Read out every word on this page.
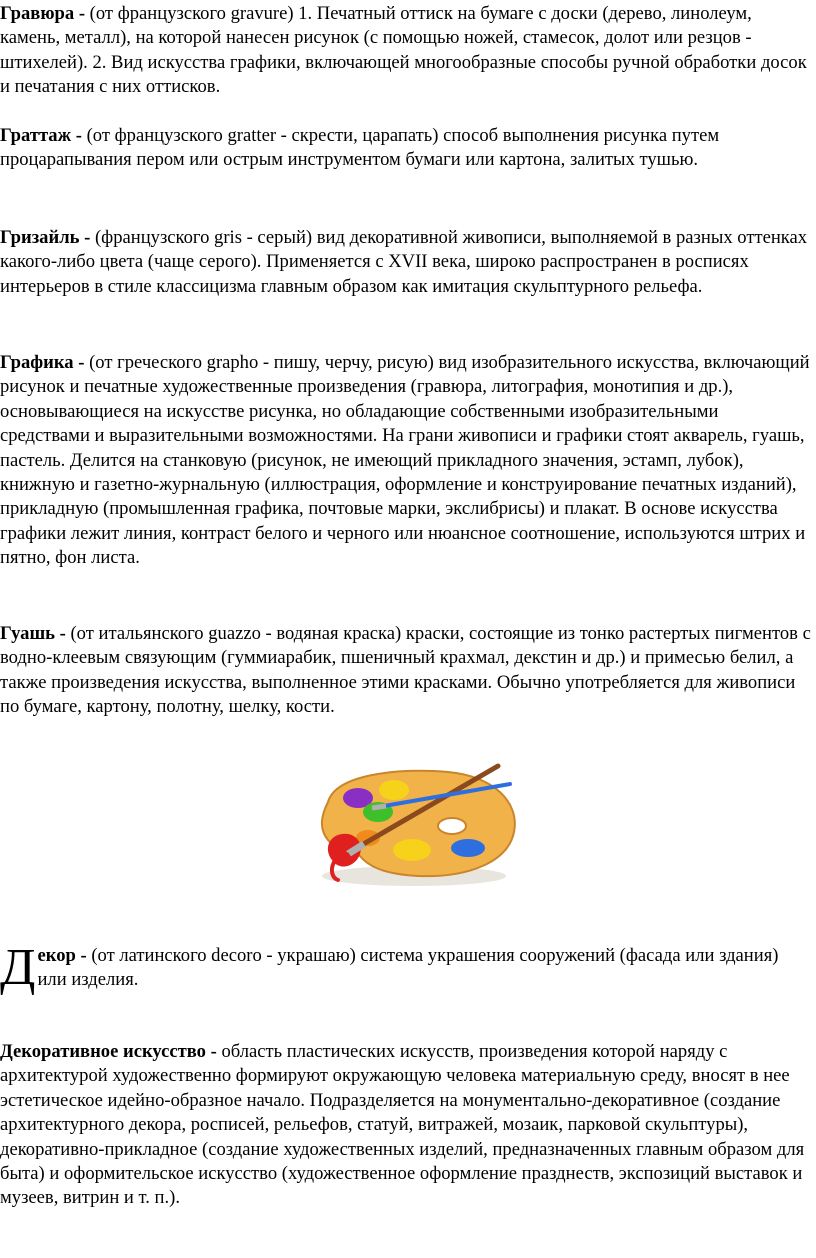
Гравюра - (от французского gravure) 1. Печатный оттиск на бумаге с доски (дерево, линолеум, камень, металл), на которой нанесен рисунок (с помощью ножей, стамесок, долот или резцов - штихелей). 2. Вид искусства графики, включающей многообразные способы ручной обработки досок и печатания с них оттисков.

Граттаж - (от французского gratter - скрести, царапать) способ выполнения рисунка путем процарапывания пером или острым инструментом бумаги или картона, залитых тушью.

Гризайль - (французского gris - серый) вид декоративной живописи, выполняемой в разных оттенках какого-либо цвета (чаще серого). Применяется с XVII века, широко распространен в росписях интерьеров в стиле классицизма главным образом как имитация скульптурного рельефа.

Графика - (от греческого grapho - пишу, черчу, рисую) вид изобразительного искусства, включающий рисунок и печатные художественные произведения (гравюра, литография, монотипия и др.), основывающиеся на искусстве рисунка, но обладающие собственными изобразительными средствами и выразительными возможностями. На грани живописи и графики стоят акварель, гуашь, пастель. Делится на станковую (рисунок, не имеющий прикладного значения, эстамп, лубок), книжную и газетно-журнальную (иллюстрация, оформление и конструирование печатных изданий), прикладную (промышленная графика, почтовые марки, экслибрисы) и плакат. В основе искусства графики лежит линия, контраст белого и черного или нюансное соотношение, используются штрих и пятно, фон листа.

Гуашь - (от итальянского guazzo - водяная краска) краски, состоящие из тонко растертых пигментов с водно-клеевым связующим (гуммиарабик, пшеничный крахмал, декстин и др.) и примесью белил, а также произведения искусства, выполненное этими красками. Обычно употребляется для живописи по бумаге, картону, полотну, шелку, кости.

Декор - (от латинского decoro - украшаю) система украшения сооружений (фасада или здания) или изделия.

Декоративное искусство - область пластических искусств, произведения которой наряду с архитектурой художественно формируют окружающую человека материальную среду, вносят в нее эстетическое идейно-образное начало. Подразделяется на монументально-декоративное (создание архитектурного декора, росписей, рельефов, статуй, витражей, мозаик, парковой скульптуры), декоративно-прикладное (создание художественных изделий, предназначенных главным образом для быта) и оформительское искусство (художественное оформление празднеств, экспозиций выставок и музеев, витрин и т. п.).
